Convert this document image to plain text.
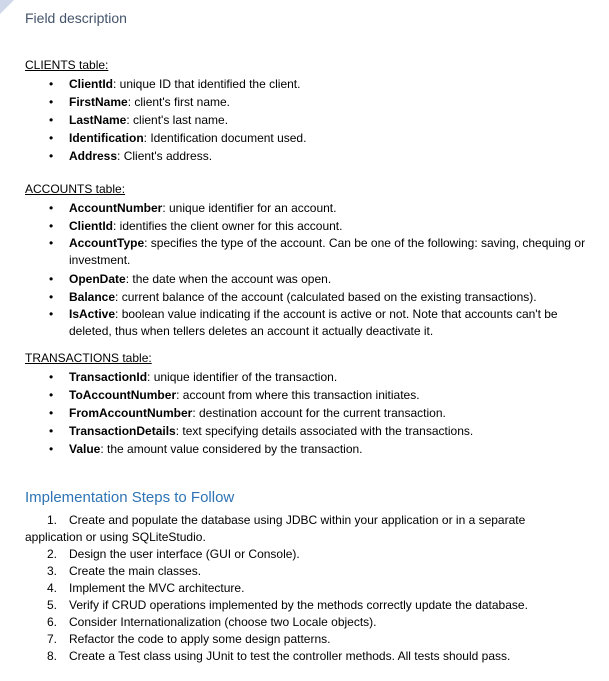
Field description
CLIENTS table:
• ClientId: unique ID that identified the client.
• FirstName: client's first name.
• LastName: client's last name.
• Identification: Identification document used.
• Address: Client's address.
ACCOUNTS table:
• AccountNumber: unique identifier for an account.
• ClientId: identifies the client owner for this account.
• AccountType: specifies the type of the account. Can be one of the following: saving, chequing or investment.
• OpenDate: the date when the account was open.
• Balance: current balance of the account (calculated based on the existing transactions).
• IsActive: boolean value indicating if the account is active or not. Note that accounts can't be deleted, thus when tellers deletes an account it actually deactivate it.
TRANSACTIONS table:
• TransactionId: unique identifier of the transaction.
• ToAccountNumber: account from where this transaction initiates.
• FromAccountNumber: destination account for the current transaction.
• TransactionDetails: text specifying details associated with the transactions.
• Value: the amount value considered by the transaction.
Implementation Steps to Follow
1. Create and populate the database using JDBC within your application or in a separate application or using SQLiteStudio.
2. Design the user interface (GUI or Console).
3. Create the main classes.
4. Implement the MVC architecture.
5. Verify if CRUD operations implemented by the methods correctly update the database.
6. Consider Internationalization (choose two Locale objects).
7. Refactor the code to apply some design patterns.
8. Create a Test class using JUnit to test the controller methods. All tests should pass.
